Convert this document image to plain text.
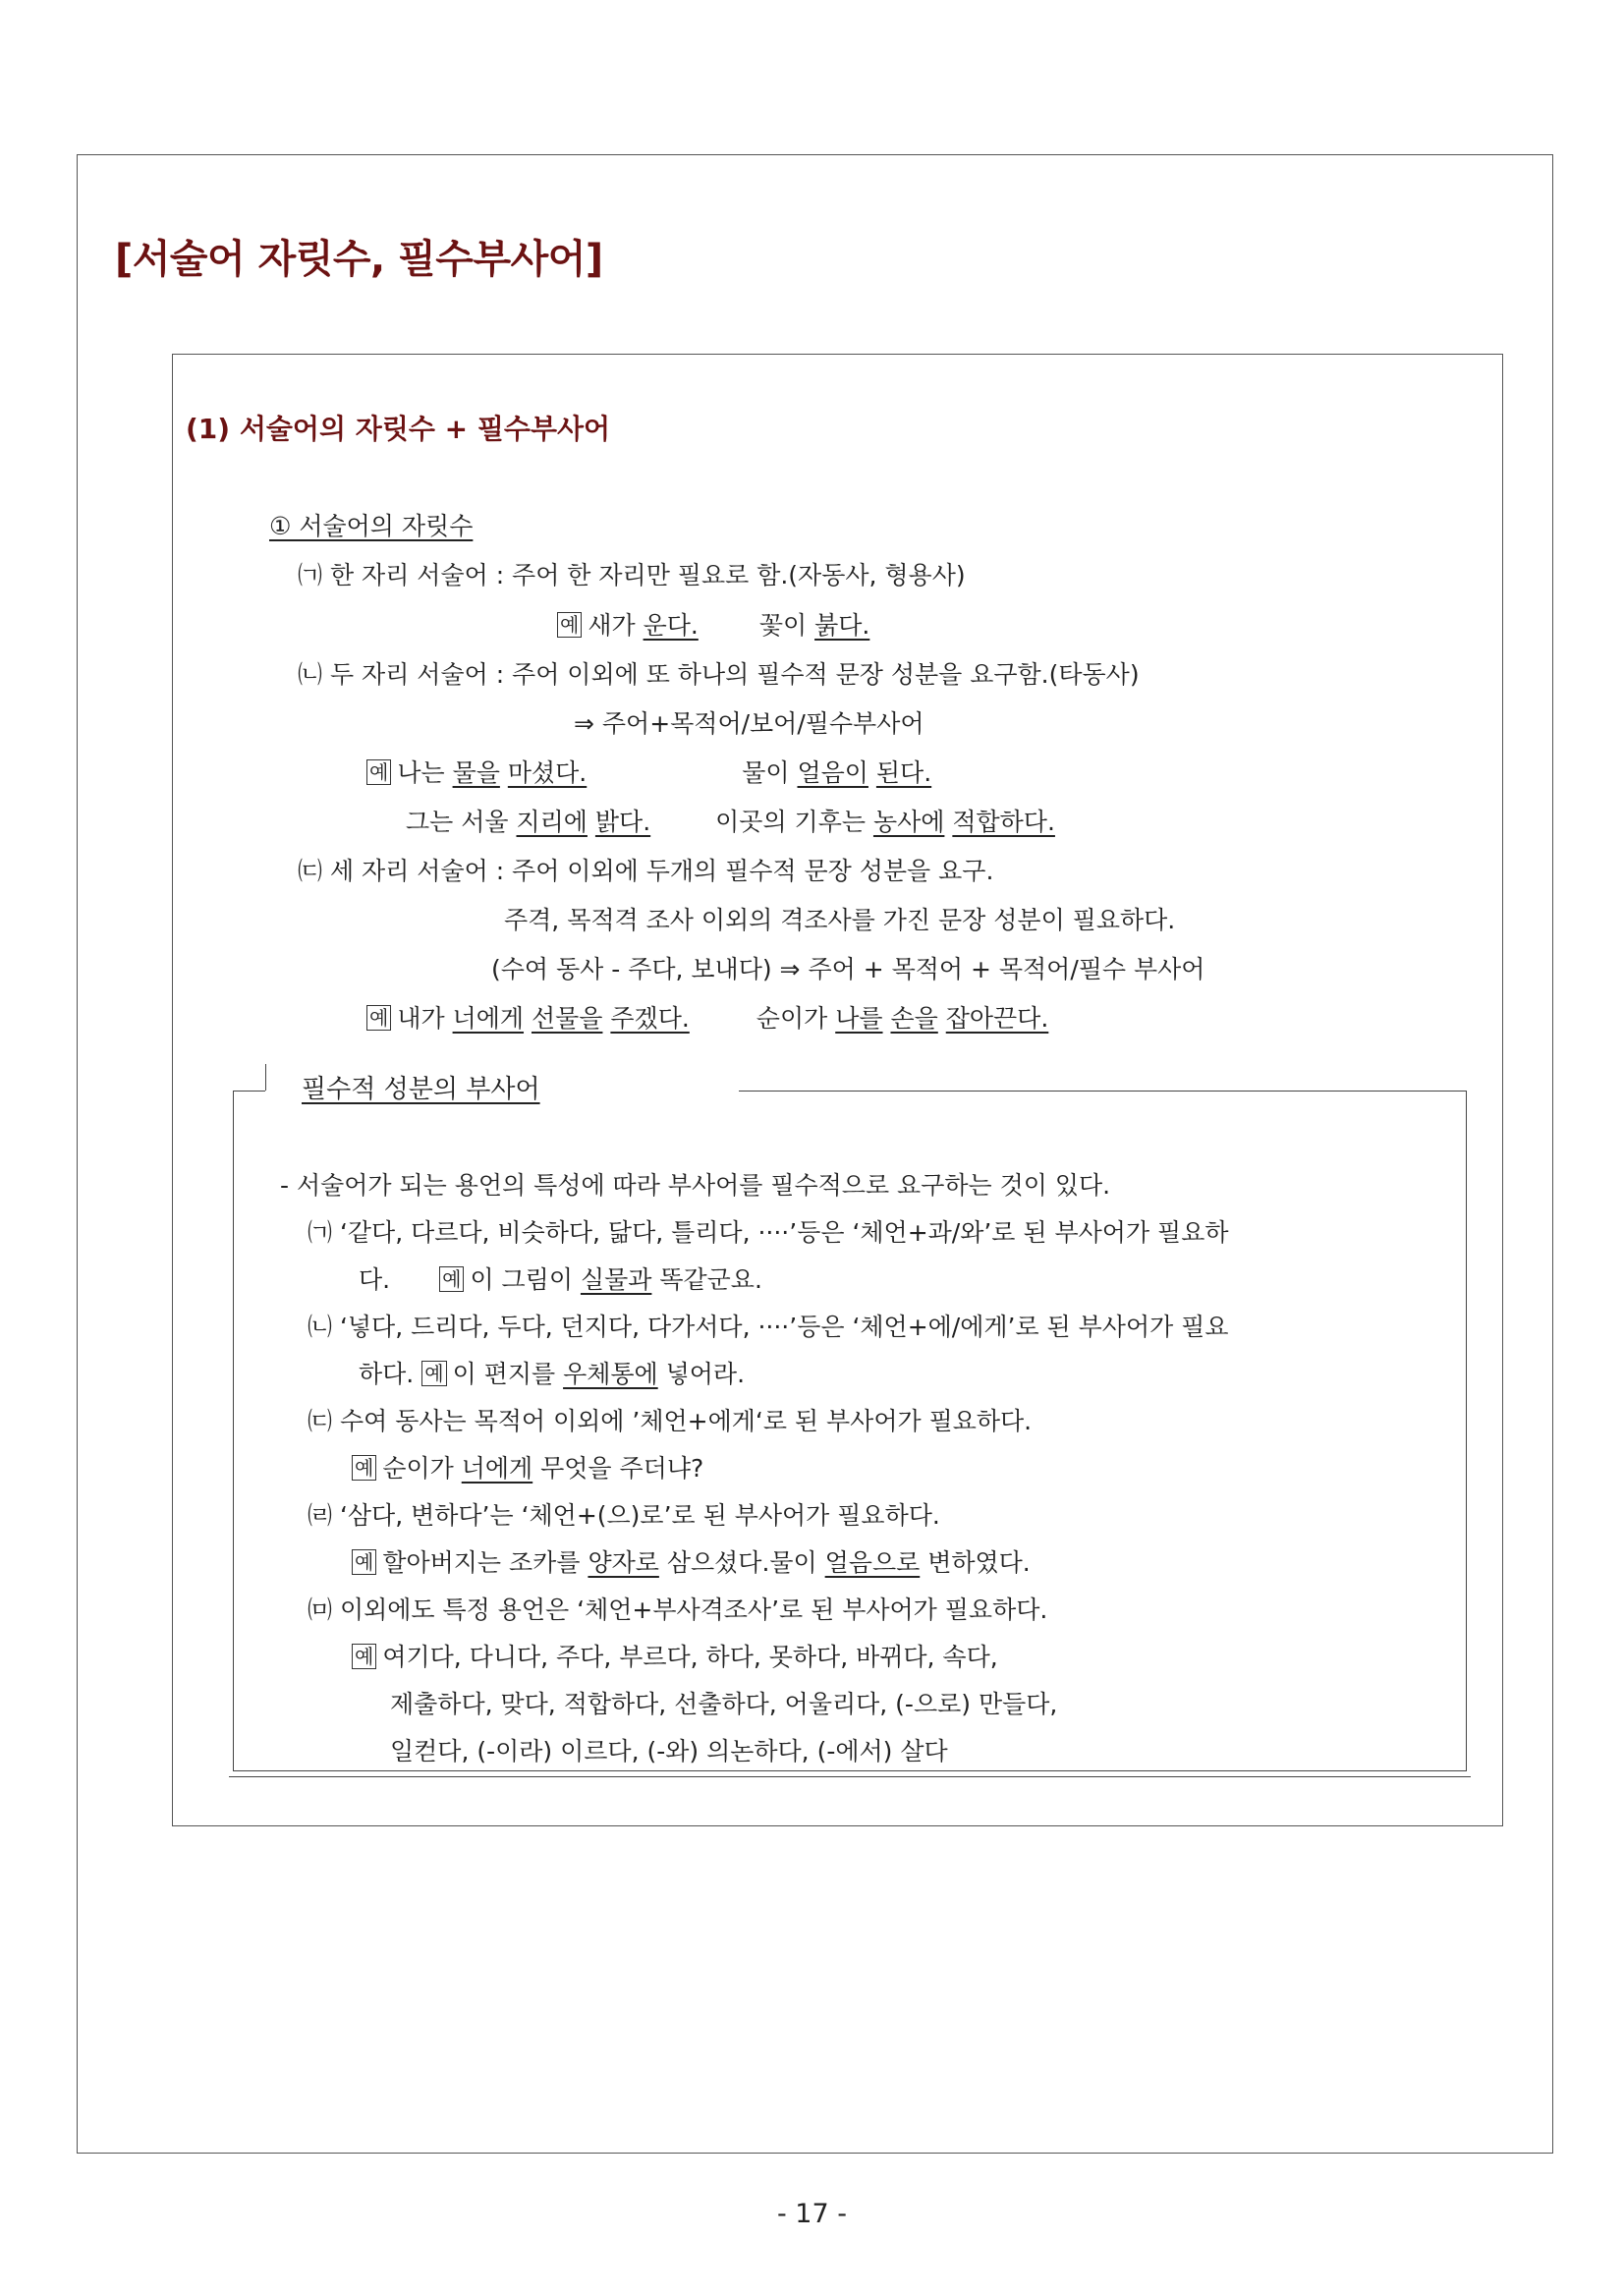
[서술어 자릿수, 필수부사어]
(1) 서술어의 자릿수 + 필수부사어
① 서술어의 자릿수
㈀ 한 자리 서술어 : 주어 한 자리만 필요로 함.(자동사, 형용사)
예 새가 운다. 꽃이 붉다.
㈁ 두 자리 서술어 : 주어 이외에 또 하나의 필수적 문장 성분을 요구함.(타동사)
⇒ 주어+목적어/보어/필수부사어
예 나는 물을 마셨다.	물이 얼음이 된다.
그는 서울 지리에 밝다.	이곳의 기후는 농사에 적합하다.
㈂ 세 자리 서술어 : 주어 이외에 두개의 필수적 문장 성분을 요구.
주격, 목적격 조사 이외의 격조사를 가진 문장 성분이 필요하다.
(수여 동사 - 주다, 보내다) ⇒ 주어 + 목적어 + 목적어/필수 부사어
예 내가 너에게 선물을 주겠다.	순이가 나를 손을 잡아끈다.
필수적 성분의 부사어
- 서술어가 되는 용언의 특성에 따라 부사어를 필수적으로 요구하는 것이 있다.
㈀ ‘같다, 다르다, 비슷하다, 닮다, 틀리다, ····’등은 ‘체언+과/와’로 된 부사어가 필요하
다.	예 이 그림이 실물과 똑같군요.
㈁ ‘넣다, 드리다, 두다, 던지다, 다가서다, ····’등은 ‘체언+에/에게’로 된 부사어가 필요
하다. 예 이 편지를 우체통에 넣어라.
㈂ 수여 동사는 목적어 이외에 ’체언+에게‘로 된 부사어가 필요하다.
예 순이가 너에게 무엇을 주더냐?
㈃ ‘삼다, 변하다’는 ‘체언+(으)로’로 된 부사어가 필요하다.
예 할아버지는 조카를 양자로 삼으셨다.물이 얼음으로 변하였다.
㈄ 이외에도 특정 용언은 ‘체언+부사격조사’로 된 부사어가 필요하다.
예 여기다, 다니다, 주다, 부르다, 하다, 못하다, 바뀌다, 속다,
제출하다, 맞다, 적합하다, 선출하다, 어울리다, (-으로) 만들다,
일컫다, (-이라) 이르다, (-와) 의논하다, (-에서) 살다
- 17 -
